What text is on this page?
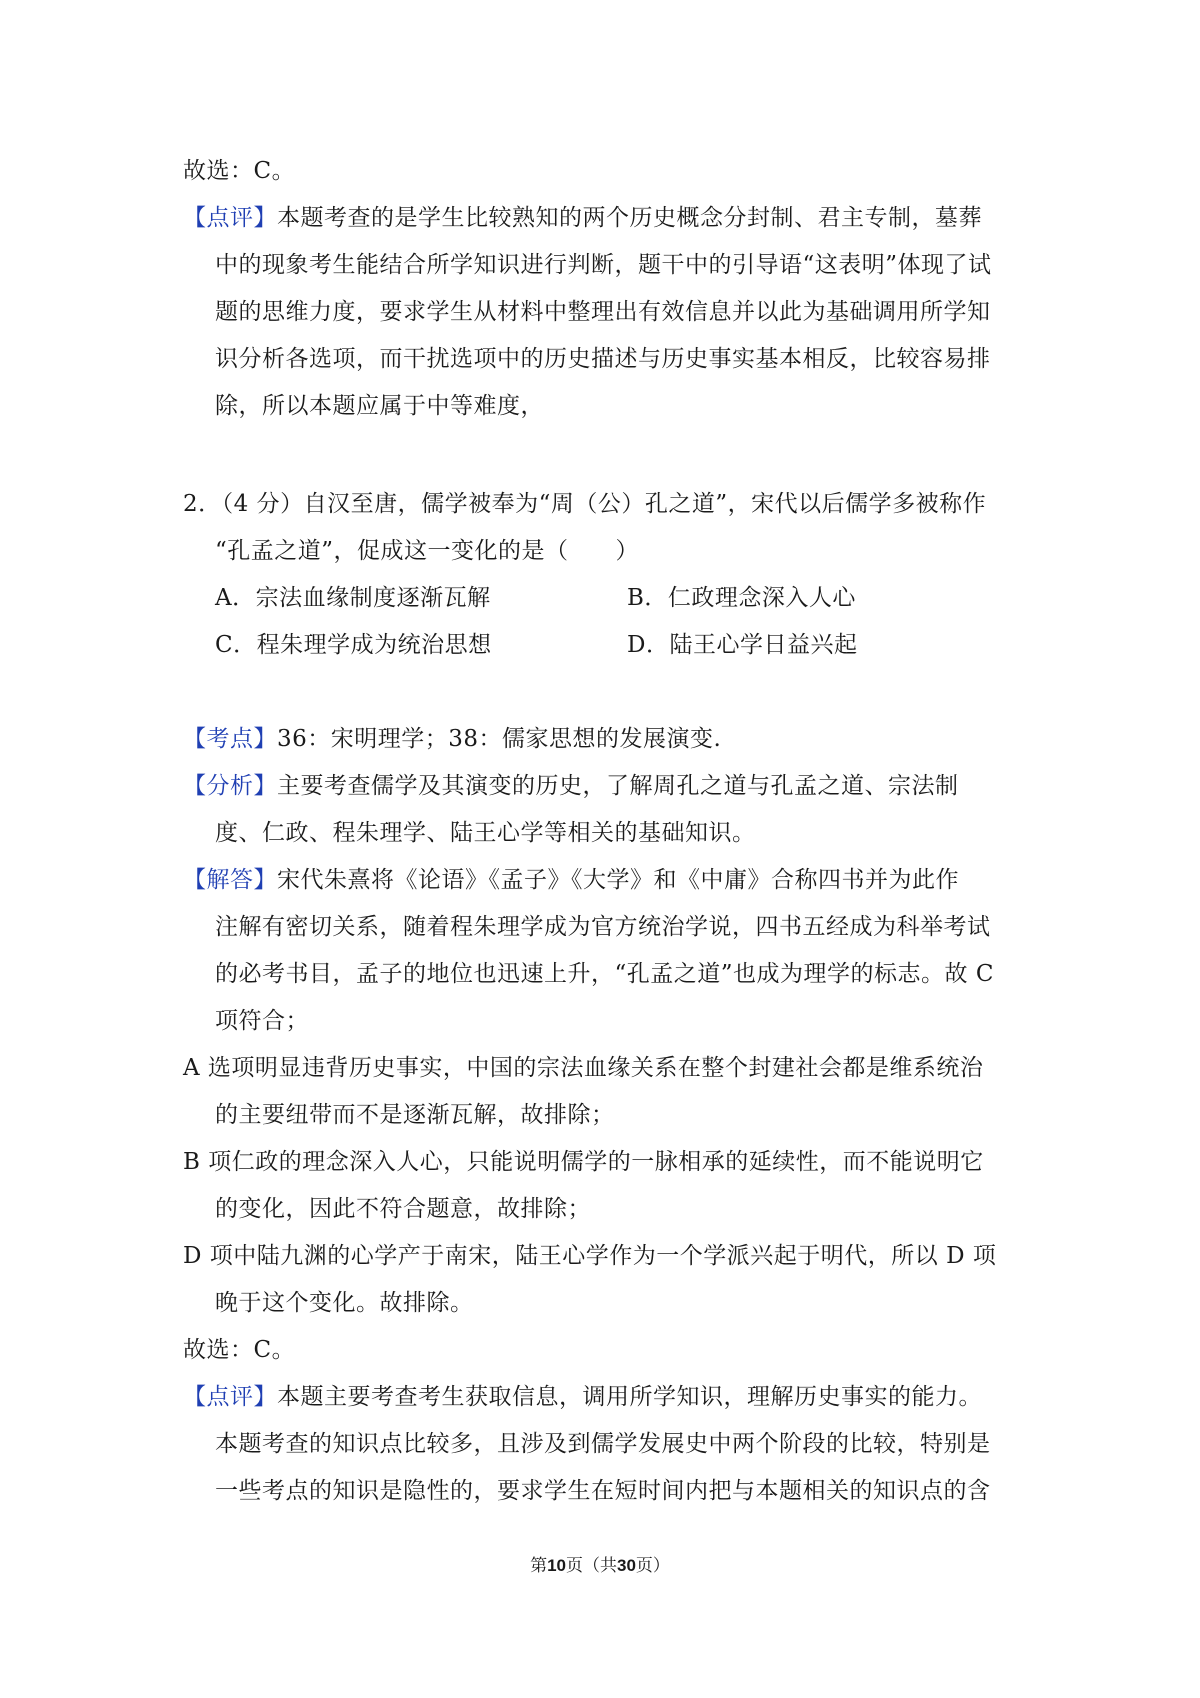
故选：C。
【点评】本题考查的是学生比较熟知的两个历史概念分封制、君主专制，墓葬
中的现象考生能结合所学知识进行判断，题干中的引导语“这表明”体现了试
题的思维力度，要求学生从材料中整理出有效信息并以此为基础调用所学知
识分析各选项，而干扰选项中的历史描述与历史事实基本相反，比较容易排
除，所以本题应属于中等难度，
2．（4 分）自汉至唐，儒学被奉为“周（公）孔之道”，宋代以后儒学多被称作
“孔孟之道”，促成这一变化的是（　　）
A．宗法血缘制度逐渐瓦解	B．仁政理念深入人心
C．程朱理学成为统治思想	D．陆王心学日益兴起
【考点】36：宋明理学；38：儒家思想的发展演变.
【分析】主要考查儒学及其演变的历史，了解周孔之道与孔孟之道、宗法制
度、仁政、程朱理学、陆王心学等相关的基础知识。
【解答】宋代朱熹将《论语》《孟子》《大学》和《中庸》合称四书并为此作
注解有密切关系，随着程朱理学成为官方统治学说，四书五经成为科举考试
的必考书目，孟子的地位也迅速上升，“孔孟之道”也成为理学的标志。故 C
项符合；
A 选项明显违背历史事实，中国的宗法血缘关系在整个封建社会都是维系统治
的主要纽带而不是逐渐瓦解，故排除；
B 项仁政的理念深入人心，只能说明儒学的一脉相承的延续性，而不能说明它
的变化，因此不符合题意，故排除；
D 项中陆九渊的心学产于南宋，陆王心学作为一个学派兴起于明代，所以 D 项
晚于这个变化。故排除。
故选：C。
【点评】本题主要考查考生获取信息，调用所学知识，理解历史事实的能力。
本题考查的知识点比较多，且涉及到儒学发展史中两个阶段的比较，特别是
一些考点的知识是隐性的，要求学生在短时间内把与本题相关的知识点的含
第10页（共30页）
